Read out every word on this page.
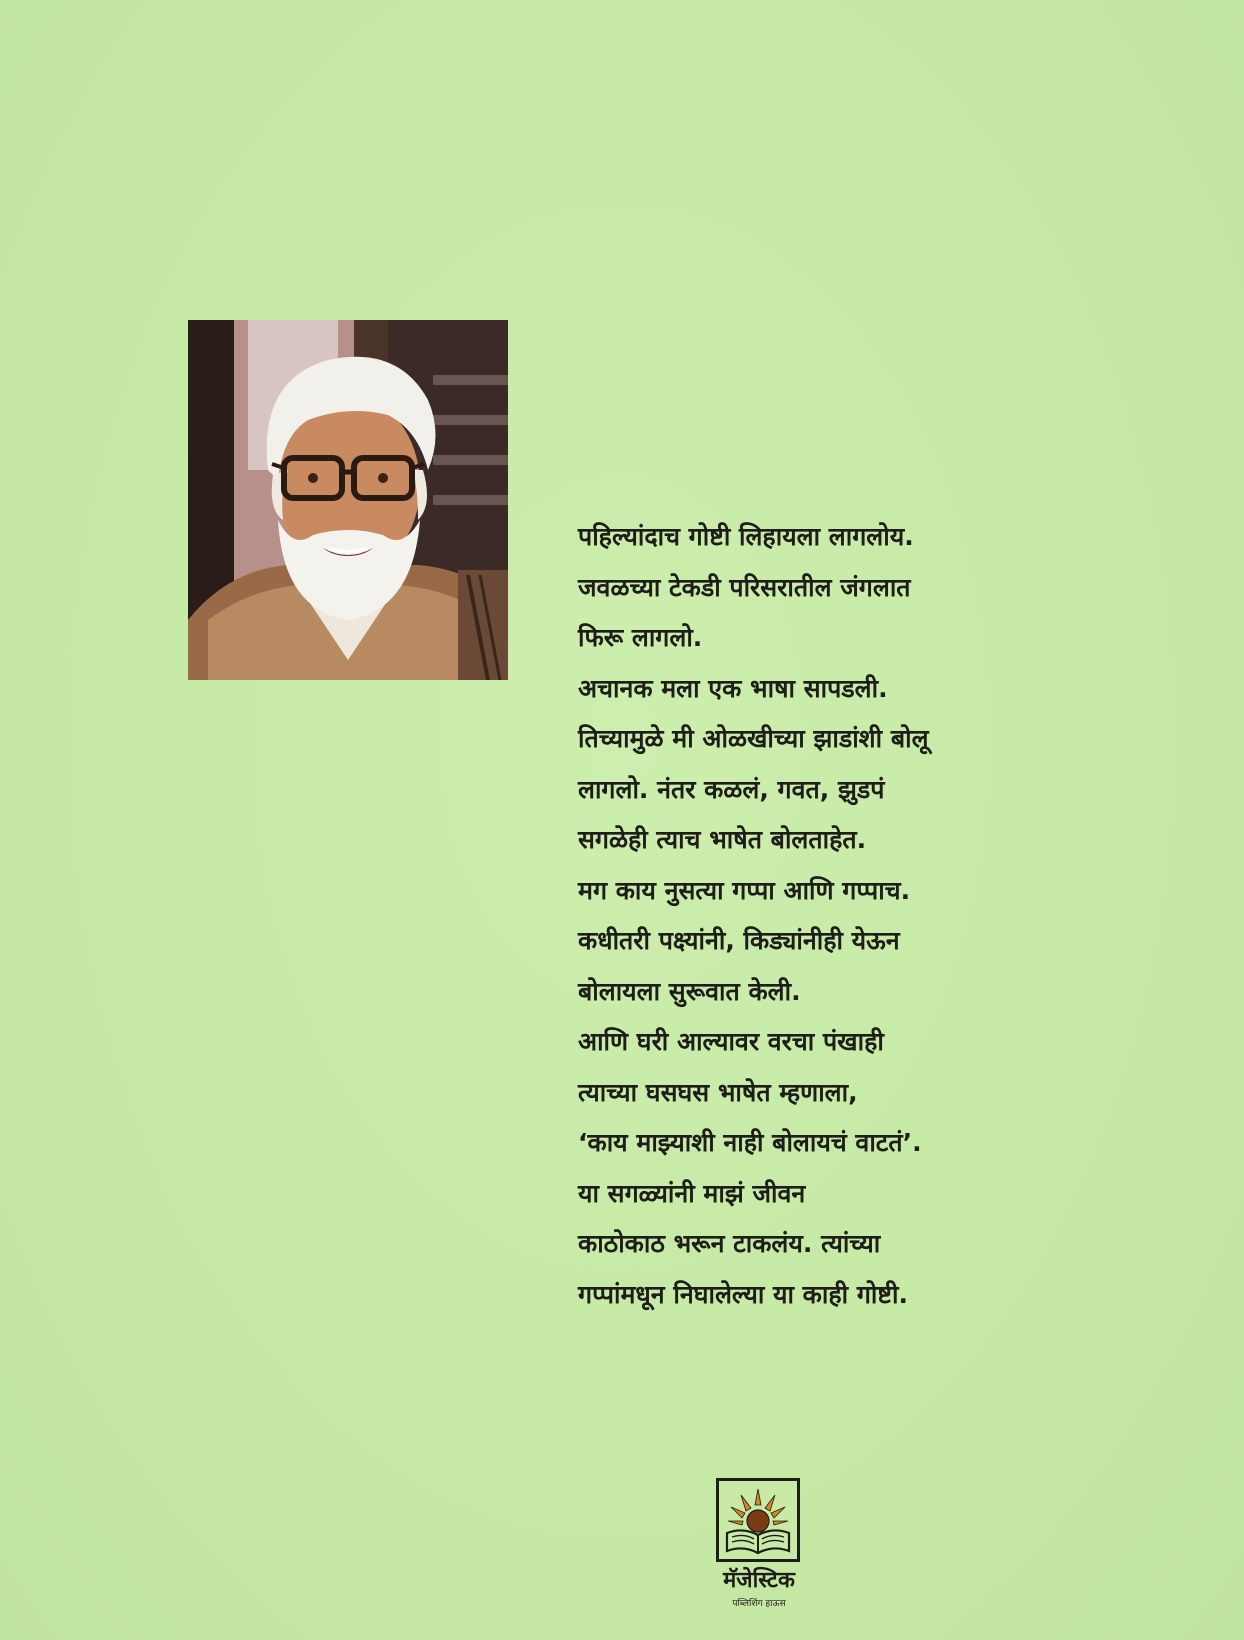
पहिल्यांदाच गोष्टी लिहायला लागलोय.
जवळच्या टेकडी परिसरातील जंगलात
फिरू लागलो.
अचानक मला एक भाषा सापडली.
तिच्यामुळे मी ओळखीच्या झाडांशी बोलू
लागलो. नंतर कळलं, गवत, झुडपं
सगळेही त्याच भाषेत बोलताहेत.
मग काय नुसत्या गप्पा आणि गप्पाच.
कधीतरी पक्ष्यांनी, किड्यांनीही येऊन
बोलायला सुरूवात केली.
आणि घरी आल्यावर वरचा पंखाही
त्याच्या घसघस भाषेत म्हणाला,
‘काय माझ्याशी नाही बोलायचं वाटतं’.
या सगळ्यांनी माझं जीवन
काठोकाठ भरून टाकलंय. त्यांच्या
गप्पांमधून निघालेल्या या काही गोष्टी.
मॅजेस्टिक
पब्लिशिंग हाऊस
